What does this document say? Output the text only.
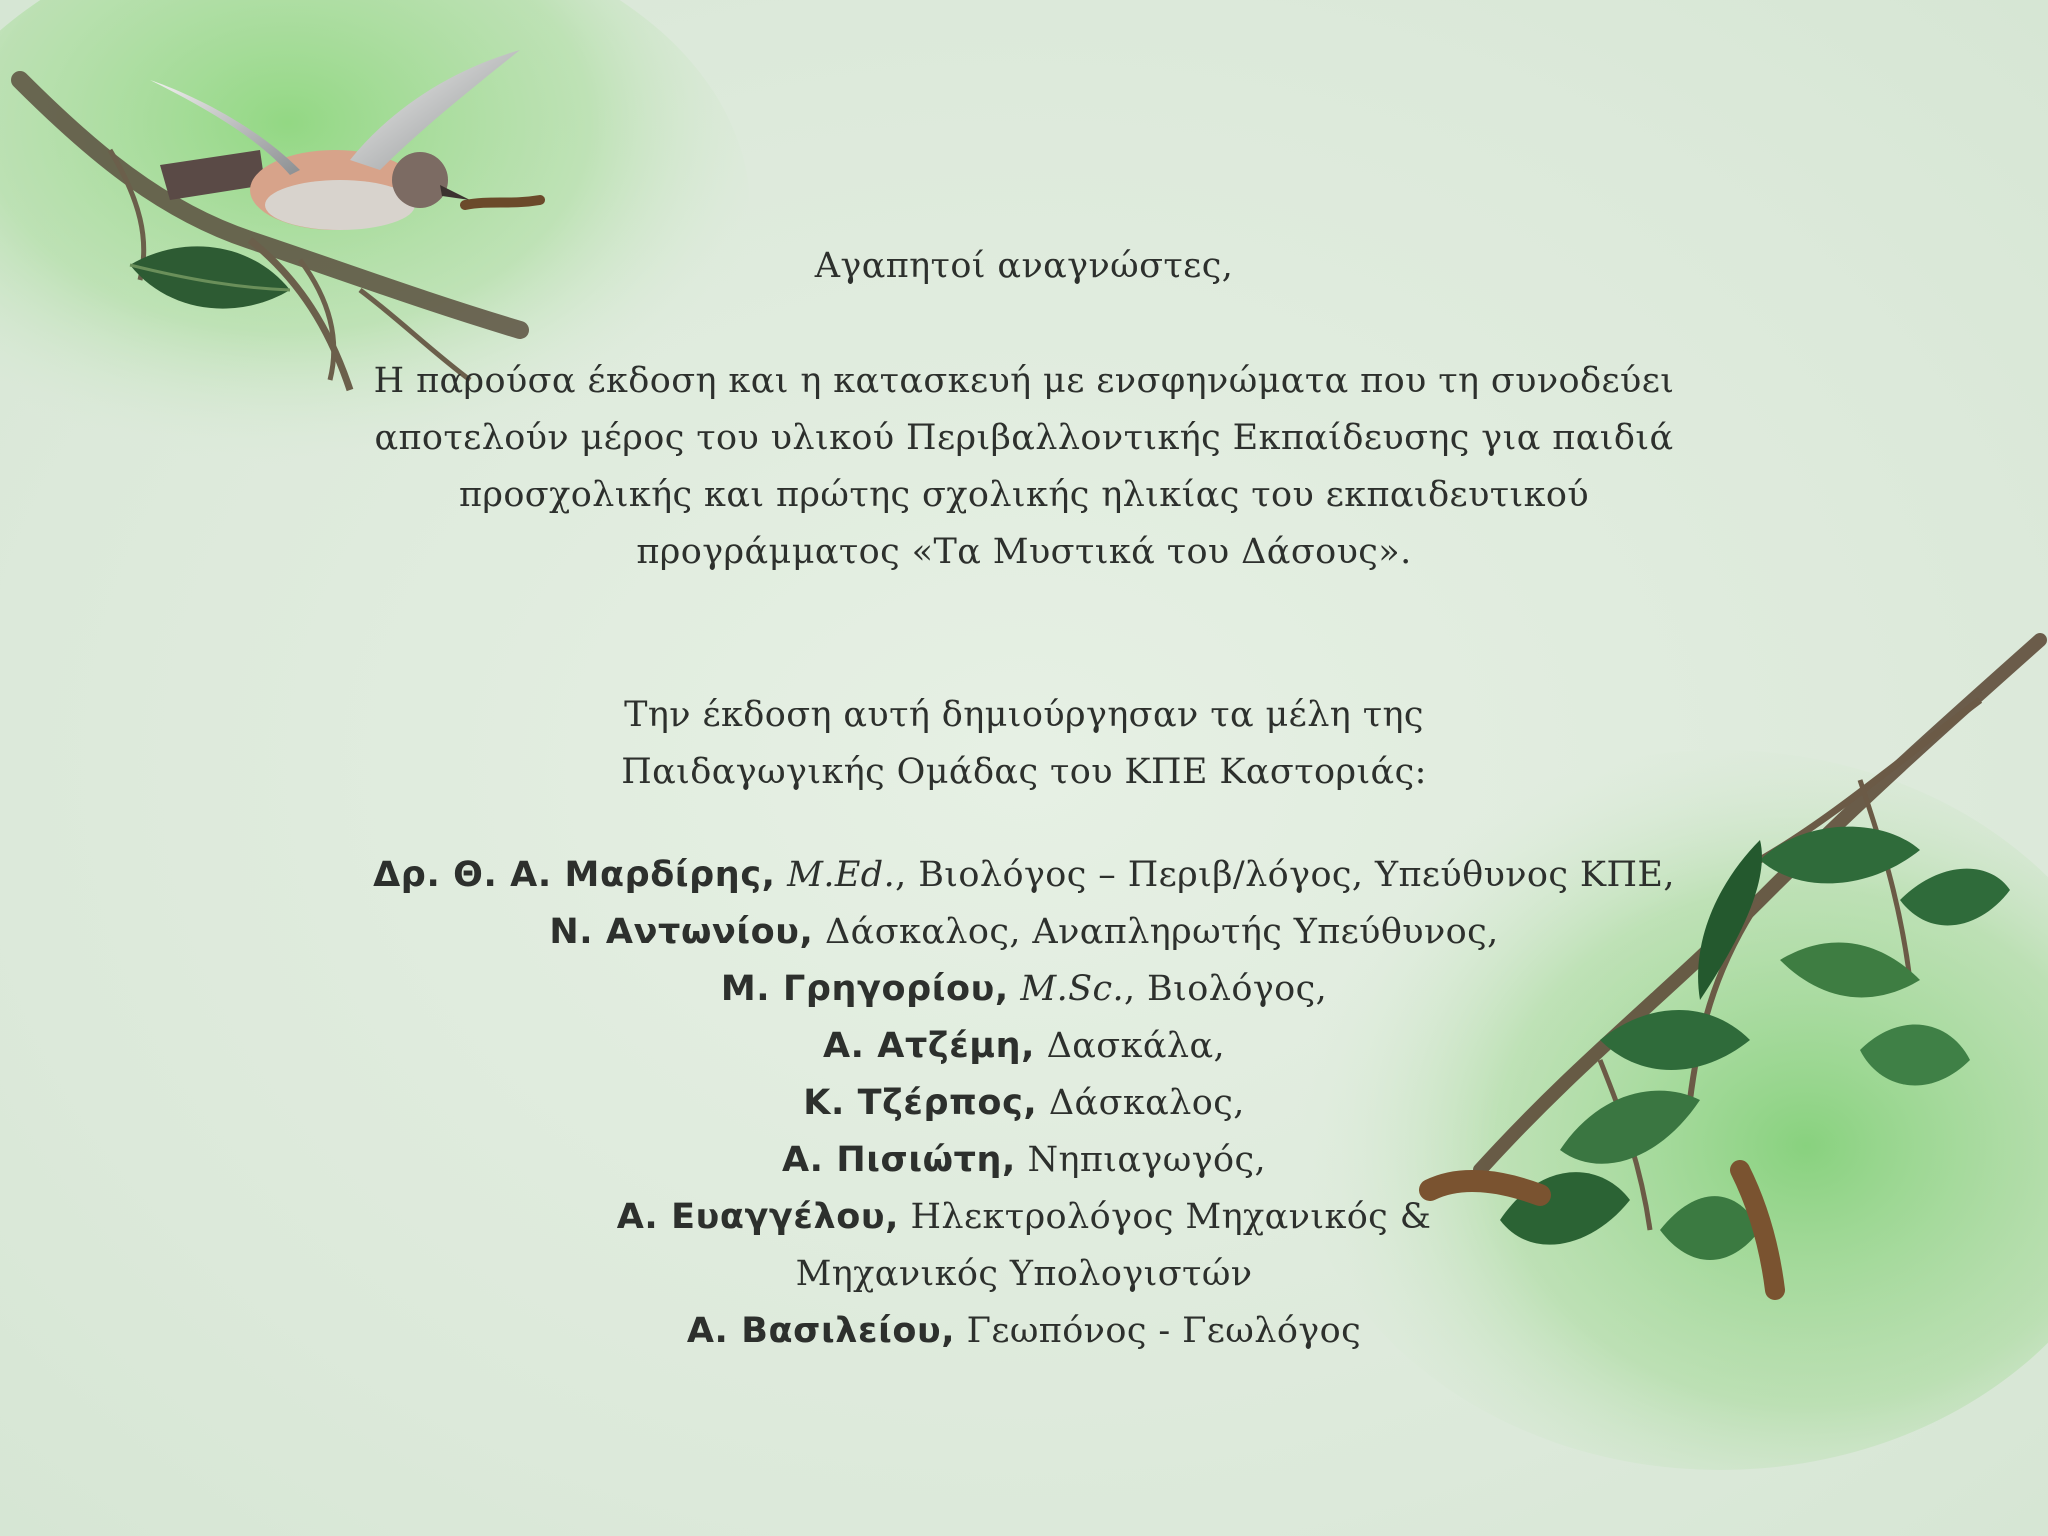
Αγαπητοί αναγνώστες,
Η παρούσα έκδοση και η κατασκευή με ενσφηνώματα που τη συνοδεύει
αποτελούν μέρος του υλικού Περιβαλλοντικής Εκπαίδευσης για παιδιά
προσχολικής και πρώτης σχολικής ηλικίας του εκπαιδευτικού
προγράμματος «Τα Μυστικά του Δάσους».
Την έκδοση αυτή δημιούργησαν τα μέλη της
Παιδαγωγικής Ομάδας του ΚΠΕ Καστοριάς:
Δρ. Θ. Α. Μαρδίρης, M.Ed., Βιολόγος – Περιβ/λόγος, Υπεύθυνος ΚΠΕ,
Ν. Αντωνίου, Δάσκαλος, Αναπληρωτής Υπεύθυνος,
Μ. Γρηγορίου, M.Sc., Βιολόγος,
Α. Ατζέμη, Δασκάλα,
Κ. Τζέρπος, Δάσκαλος,
Α. Πισιώτη, Νηπιαγωγός,
Α. Ευαγγέλου, Ηλεκτρολόγος Μηχανικός &
Μηχανικός Υπολογιστών
Α. Βασιλείου, Γεωπόνος - Γεωλόγος
